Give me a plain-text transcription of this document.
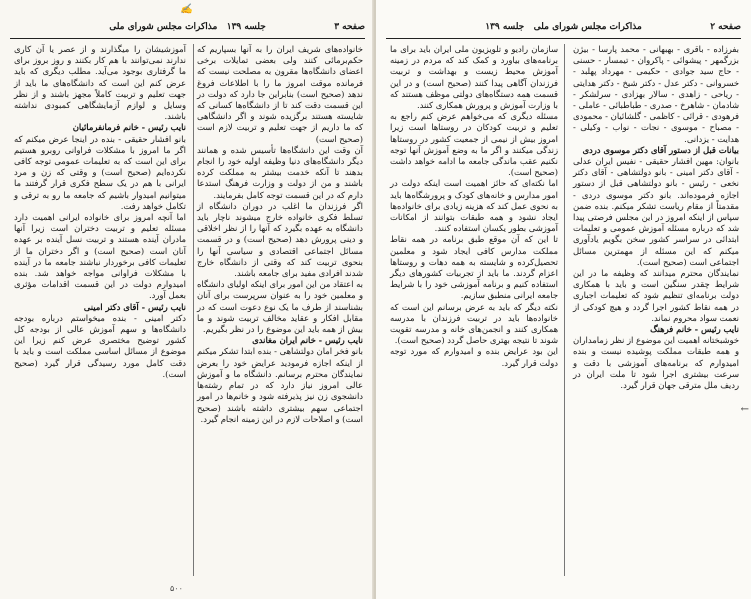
✍
صفحه ۳
جلسه ۱۳۹   مذاکرات مجلس شورای ملی

خانواده‌های شریف ایران را به آنها بسپاریم که حکم‌برمائی کنند ولی بعضی تمایلات برخی اعضای دانشگاه‌ها مقرون به مصلحت نیست که فرمانده موقت امروز ما را با اطلاعات فروغ ندهد (صحیح است) بنابراین جا دارد که دولت در این قسمت دقت کند تا از دانشگاه‌ها کسانی که شایسته هستند برگزیده شوند و اگر دانشگاهی که ما داریم از جهت تعلیم و تربیت لازم است (صحیح است)

آن وقت این دانشگاه‌ها تأسیس شده و همانند دیگر دانشگاه‌های دنیا وظیفه اولیه خود را انجام بدهند تا آنکه خدمت بیشتر به مملکت کرده باشند و من از دولت و وزارت فرهنگ استدعا دارم که در این قسمت توجه کامل بفرمایند.

اگر فرزندان ما اغلب در دوران دانشگاه از تسلط فکری خانواده خارج میشوند ناچار باید دانشگاه به عهده بگیرد که آنها را از نظر اخلاقی و دینی پرورش دهد (صحیح است) و در قسمت مسائل اجتماعی اقتصادی و سیاسی آنها را بنحوی تربیت کند که وقتی از دانشگاه خارج شدند افرادی مفید برای جامعه باشند.

به اعتقاد من این امور برای اینکه اولیای دانشگاه و معلمین خود را به عنوان سرپرست برای آنان بشناسند از طرف ما یک نوع دعوت است که در مقابل افکار و عقاید مخالف تربیت شوند و ما بیش از همه باید این موضوع را در نظر بگیریم.

نایب رئیس - خانم ایران مغاندی

بانو فخر امان دولتشاهی - بنده ابتدا تشکر میکنم از اینکه اجازه فرمودید عرایض خود را بعرض نمایندگان محترم برسانم. دانشگاه ما و آموزش عالی امروز نیاز دارد که در تمام رشته‌ها دانشجوی زن نیز پذیرفته شود و خانم‌ها در امور اجتماعی سهم بیشتری داشته باشند (صحیح است) و اصلاحات لازم در این زمینه انجام گیرد.

آموزشیشان را میگذارند و از عصر یا آن کاری ندارند نمی‌توانند با هم کار بکنند و روز بروز برای ما گرفتاری بوجود می‌آید. مطلب دیگری که باید عرض کنم این است که دانشگاه‌های ما باید از جهت تعلیم و تربیت کاملاً مجهز باشند و از نظر وسایل و لوازم آزمایشگاهی کمبودی نداشته باشند.

نایب رئیس - خانم فرمانفرمائیان

بانو افشار حقیقی - بنده در اینجا عرض میکنم که اگر ما امروز با مشکلات فراوانی روبرو هستیم برای این است که به تعلیمات عمومی توجه کافی نکرده‌ایم (صحیح است) و وقتی که زن و مرد ایرانی با هم در یک سطح فکری قرار گرفتند ما میتوانیم امیدوار باشیم که جامعه ما رو به ترقی و تکامل خواهد رفت.

اما آنچه امروز برای خانواده ایرانی اهمیت دارد مسئله تعلیم و تربیت دختران است زیرا آنها مادران آینده هستند و تربیت نسل آینده بر عهده آنان است (صحیح است) و اگر دختران ما از تعلیمات کافی برخوردار نباشند جامعه ما در آینده با مشکلات فراوانی مواجه خواهد شد. بنده امیدوارم دولت در این قسمت اقدامات مؤثری بعمل آورد.

نایب رئیس - آقای دکتر امینی

دکتر امینی - بنده میخواستم درباره بودجه دانشگاه‌ها و سهم آموزش عالی از بودجه کل کشور توضیح مختصری عرض کنم زیرا این موضوع از مسائل اساسی مملکت است و باید با دقت کامل مورد رسیدگی قرار گیرد (صحیح است).

۵۰۰
صفحه ۲
مذاکرات مجلس شورای ملی   جلسه ۱۳۹

بفرزاده - باقری - بهبهانی - محمد پارسا - بیژن بزرگمهر - پیشوائی - پاکروان - تیمسار - حسنی - حاج سید جوادی - حکیمی - مهرداد پهلبد - خسروانی - دکتر عدل - دکتر شیخ - دکتر هدایتی - ریاحی - زاهدی - سالار بهزادی - سرلشکر - شادمان - شاهرخ - صدری - طباطبائی - عاملی - فرهودی - قرائی - کاظمی - گلشائیان - محمودی - مصباح - موسوی - نجات - نواب - وکیلی - هدایت - یزدانی.

بیانات قبل از دستور آقای دکتر موسوی دردی

بانوان: مهین افشار حقیقی - نفیس ایران عدلی - آقای دکتر امینی - بانو دولتشاهی - آقای دکتر نخعی - رئیس - بانو دولتشاهی قبل از دستور اجازه فرموده‌اند. بانو دکتر موسوی دردی - مقدمتاً از مقام ریاست تشکر میکنم. بنده ضمن سپاس از اینکه امروز در این مجلس فرصتی پیدا شد که درباره مسئله آموزش عمومی و تعلیمات ابتدائی در سراسر کشور سخن بگویم یادآوری میکنم که این مسئله از مهمترین مسائل اجتماعی است (صحیح است).

نمایندگان محترم میدانند که وظیفه ما در این شرایط چقدر سنگین است و باید با همکاری دولت برنامه‌ای تنظیم شود که تعلیمات اجباری در همه نقاط کشور اجرا گردد و هیچ کودکی از نعمت سواد محروم نماند.

نایب رئیس - خانم فرهنگ

خوشبختانه اهمیت این موضوع از نظر زمامداران و همه طبقات مملکت پوشیده نیست و بنده امیدوارم که برنامه‌های آموزشی با دقت و سرعت بیشتری اجرا شود تا ملت ایران در ردیف ملل مترقی جهان قرار گیرد.

سازمان رادیو و تلویزیون ملی ایران باید برای ما برنامه‌های بیاورد و کمک کند که مردم در زمینه آموزش محیط زیست و بهداشت و تربیت فرزندان آگاهی پیدا کنند (صحیح است) و در این قسمت همه دستگاه‌های دولتی موظف هستند که با وزارت آموزش و پرورش همکاری کنند.

مسئله دیگری که می‌خواهم عرض کنم راجع به تعلیم و تربیت کودکان در روستاها است زیرا امروز بیش از نیمی از جمعیت کشور در روستاها زندگی میکنند و اگر ما به وضع آموزش آنها توجه نکنیم عقب ماندگی جامعه ما ادامه خواهد داشت (صحیح است).

اما نکته‌ای که حائز اهمیت است اینکه دولت در امور مدارس و خانه‌های کودک و پرورشگاه‌ها باید به نحوی عمل کند که هزینه زیادی برای خانواده‌ها ایجاد نشود و همه طبقات بتوانند از امکانات آموزشی بطور یکسان استفاده کنند.

تا این که آن موقع طبق برنامه در همه نقاط مملکت مدارس کافی ایجاد شود و معلمین تحصیل‌کرده و شایسته به همه دهات و روستاها اعزام گردند. ما باید از تجربیات کشورهای دیگر استفاده کنیم و برنامه آموزشی خود را با شرایط جامعه ایرانی منطبق سازیم.

نکته دیگر که باید به عرض برسانم این است که خانواده‌ها باید در تربیت فرزندان با مدرسه همکاری کنند و انجمن‌های خانه و مدرسه تقویت شوند تا نتیجه بهتری حاصل گردد (صحیح است).

این بود عرایض بنده و امیدوارم که مورد توجه دولت قرار گیرد.

←
